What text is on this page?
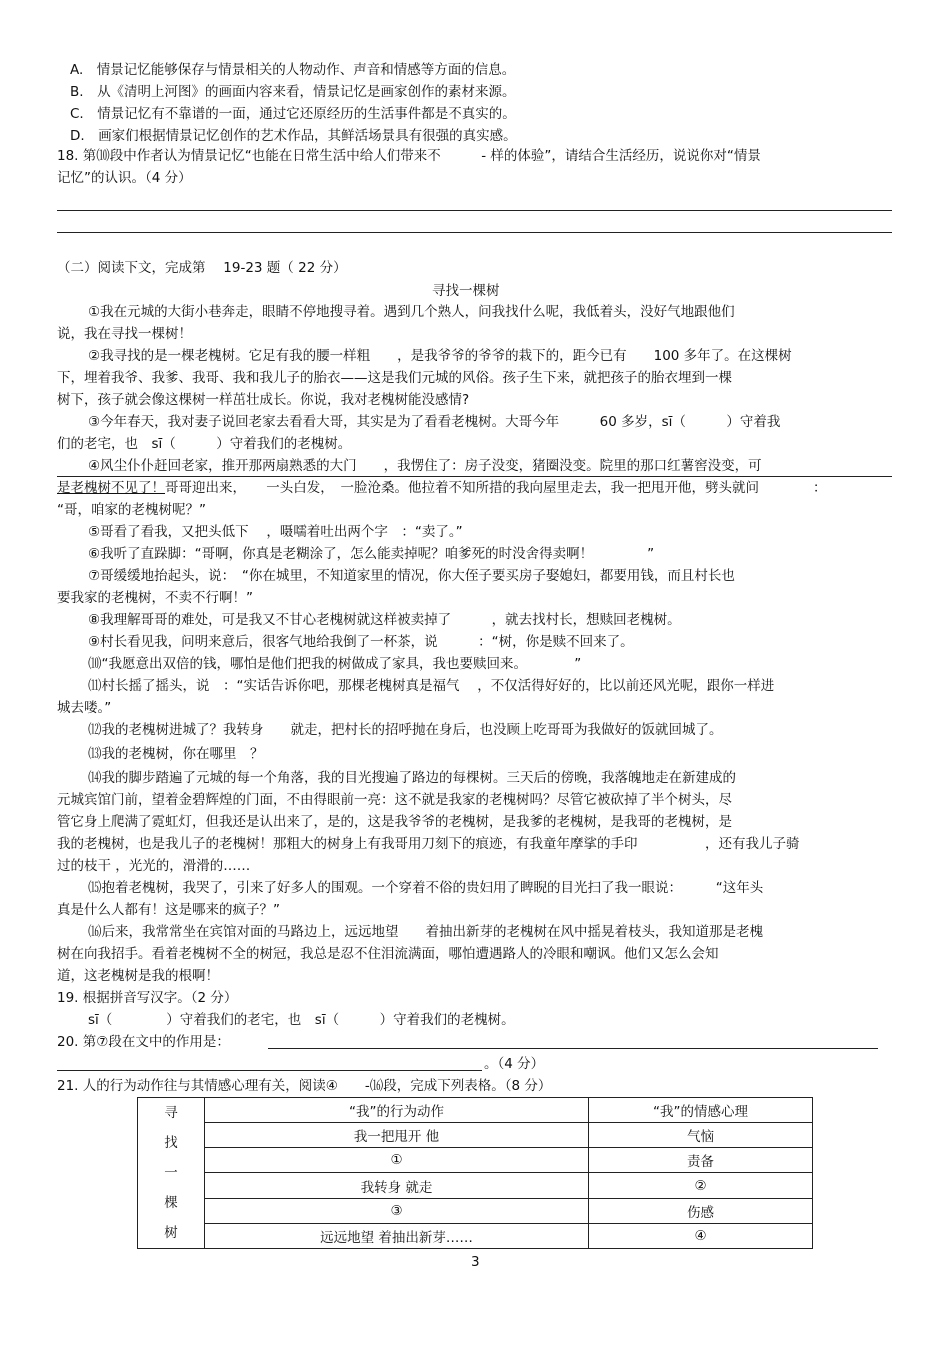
A.　 情景记忆能够保存与情景相关的人物动作、声音和情感等方面的信息。
B.　 从《清明上河图》的画面内容来看，情景记忆是画家创作的素材来源。
C.　 情景记忆有不靠谱的一面，通过它还原经历的生活事件都是不真实的。
D.　 画家们根据情景记忆创作的艺术作品，其鲜活场景具有很强的真实感。
18. 第⑽段中作者认为情景记忆“也能在日常生活中给人们带来不　　　- 样的体验”，请结合生活经历，说说你对“情景
记忆”的认识。（4 分）
（二）阅读下文，完成第　 19-23 题（ 22 分）
寻找一棵树
①我在元城的大街小巷奔走，眼睛不停地搜寻着。遇到几个熟人，问我找什么呢，我低着头，没好气地跟他们
说，我在寻找一棵树！
②我寻找的是一棵老槐树。它足有我的腰一样粗　　，是我爷爷的爷爷的栽下的，距今已有　　100 多年了。在这棵树
下，埋着我爷、我爹、我哥、我和我儿子的胎衣——这是我们元城的风俗。孩子生下来，就把孩子的胎衣埋到一棵
树下，孩子就会像这棵树一样茁壮成长。你说，我对老槐树能没感情?
③今年春天，我对妻子说回老家去看看大哥，其实是为了看看老槐树。大哥今年　　　60 多岁，sī（　　　）守着我
们的老宅，也　sī（　　　）守着我们的老槐树。
④风尘仆仆赶回老家，推开那两扇熟悉的大门　　，我愣住了：房子没变，猪圈没变。院里的那口红薯窖没变，可
是老槐树不见了！哥哥迎出来，　　一头白发，　一脸沧桑。他拉着不知所措的我向屋里走去，我一把甩开他，劈头就问　　　　：
“哥，咱家的老槐树呢？”
⑤哥看了看我，又把头低下　 ，嗫嚅着吐出两个字　：“卖了。”
⑥我听了直跺脚：“哥啊，你真是老糊涂了，怎么能卖掉呢？咱爹死的时没舍得卖啊！　　　　”
⑦哥缓缓地抬起头，说：　“你在城里，不知道家里的情况，你大侄子要买房子娶媳妇，都要用钱，而且村长也
要我家的老槐树，不卖不行啊！”
⑧我理解哥哥的难处，可是我又不甘心老槐树就这样被卖掉了　　　，就去找村长，想赎回老槐树。
⑨村长看见我，问明来意后，很客气地给我倒了一杯茶，说　　　：“树，你是赎不回来了。
⑽“我愿意出双倍的钱，哪怕是他们把我的树做成了家具，我也要赎回来。　　　　”
⑾村长摇了摇头，说　：“实话告诉你吧，那棵老槐树真是福气　 ，不仅活得好好的，比以前还风光呢，跟你一样进
城去喽。”
⑿我的老槐树进城了？我转身　　就走，把村长的招呼抛在身后，也没顾上吃哥哥为我做好的饭就回城了。
⒀我的老槐树，你在哪里　？
⒁我的脚步踏遍了元城的每一个角落，我的目光搜遍了路边的每棵树。三天后的傍晚，我落魄地走在新建成的
元城宾馆门前，望着金碧辉煌的门面，不由得眼前一亮：这不就是我家的老槐树吗？尽管它被砍掉了半个树头，尽
管它身上爬满了霓虹灯，但我还是认出来了，是的，这是我爷爷的老槐树，是我爹的老槐树，是我哥的老槐树，是
我的老槐树，也是我儿子的老槐树！那粗大的树身上有我哥用刀刻下的痕迹，有我童年摩挲的手印　　　　　，还有我儿子骑
过的枝干 ，光光的，滑滑的……
⒂抱着老槐树，我哭了，引来了好多人的围观。一个穿着不俗的贵妇用了睥睨的目光扫了我一眼说：　　　“这年头
真是什么人都有！这是哪来的疯子？”
⒃后来，我常常坐在宾馆对面的马路边上，远远地望　　着抽出新芽的老槐树在风中摇晃着枝头，我知道那是老槐
树在向我招手。看着老槐树不全的树冠，我总是忍不住泪流满面，哪怕遭遇路人的冷眼和嘲讽。他们又怎么会知
道，这老槐树是我的根啊！
19. 根据拼音写汉字。（2 分）
sī（　　　　）守着我们的老宅，也　sī（　　　）守着我们的老槐树。
20. 第⑦段在文中的作用是：
。（4 分）
21. 人的行为动作往与其情感心理有关，阅读④　　-⒃段，完成下列表格。（8 分）
寻
找
一
棵
树	“我”的行为动作	“我”的情感心理
	我一把甩开 他	气恼
	①	责备
	我转身 就走	②
	③	伤感
	远远地望 着抽出新芽……	④
3
